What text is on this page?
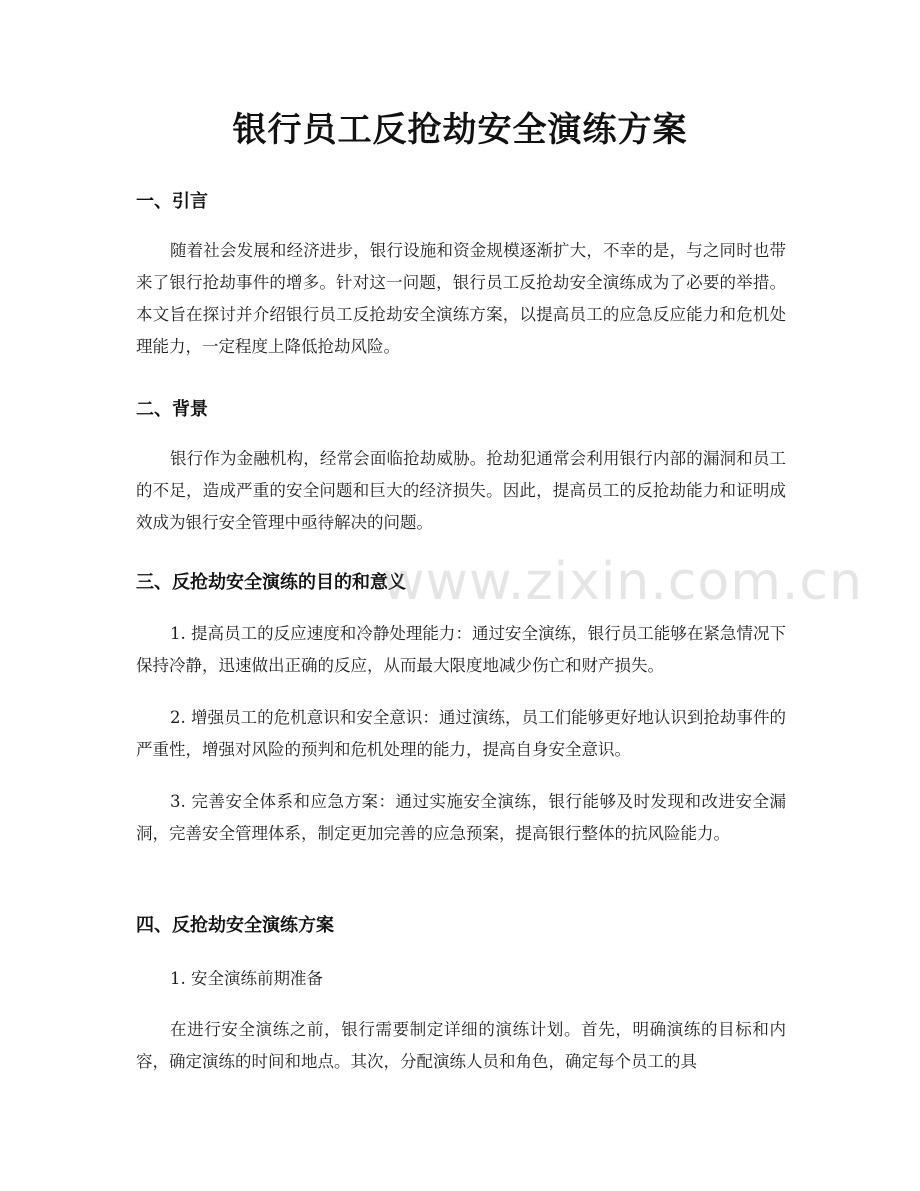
银行员工反抢劫安全演练方案
一、引言
随着社会发展和经济进步，银行设施和资金规模逐渐扩大，不幸的是，与之同时也带来了银行抢劫事件的增多。针对这一问题，银行员工反抢劫安全演练成为了必要的举措。本文旨在探讨并介绍银行员工反抢劫安全演练方案，以提高员工的应急反应能力和危机处理能力，一定程度上降低抢劫风险。
二、背景
银行作为金融机构，经常会面临抢劫威胁。抢劫犯通常会利用银行内部的漏洞和员工的不足，造成严重的安全问题和巨大的经济损失。因此，提高员工的反抢劫能力和证明成效成为银行安全管理中亟待解决的问题。
三、反抢劫安全演练的目的和意义
1. 提高员工的反应速度和冷静处理能力：通过安全演练，银行员工能够在紧急情况下保持冷静，迅速做出正确的反应，从而最大限度地减少伤亡和财产损失。
2. 增强员工的危机意识和安全意识：通过演练，员工们能够更好地认识到抢劫事件的严重性，增强对风险的预判和危机处理的能力，提高自身安全意识。
3. 完善安全体系和应急方案：通过实施安全演练，银行能够及时发现和改进安全漏洞，完善安全管理体系，制定更加完善的应急预案，提高银行整体的抗风险能力。
四、反抢劫安全演练方案
1. 安全演练前期准备
在进行安全演练之前，银行需要制定详细的演练计划。首先，明确演练的目标和内容，确定演练的时间和地点。其次，分配演练人员和角色，确定每个员工的具
www.zixin.com.cn
